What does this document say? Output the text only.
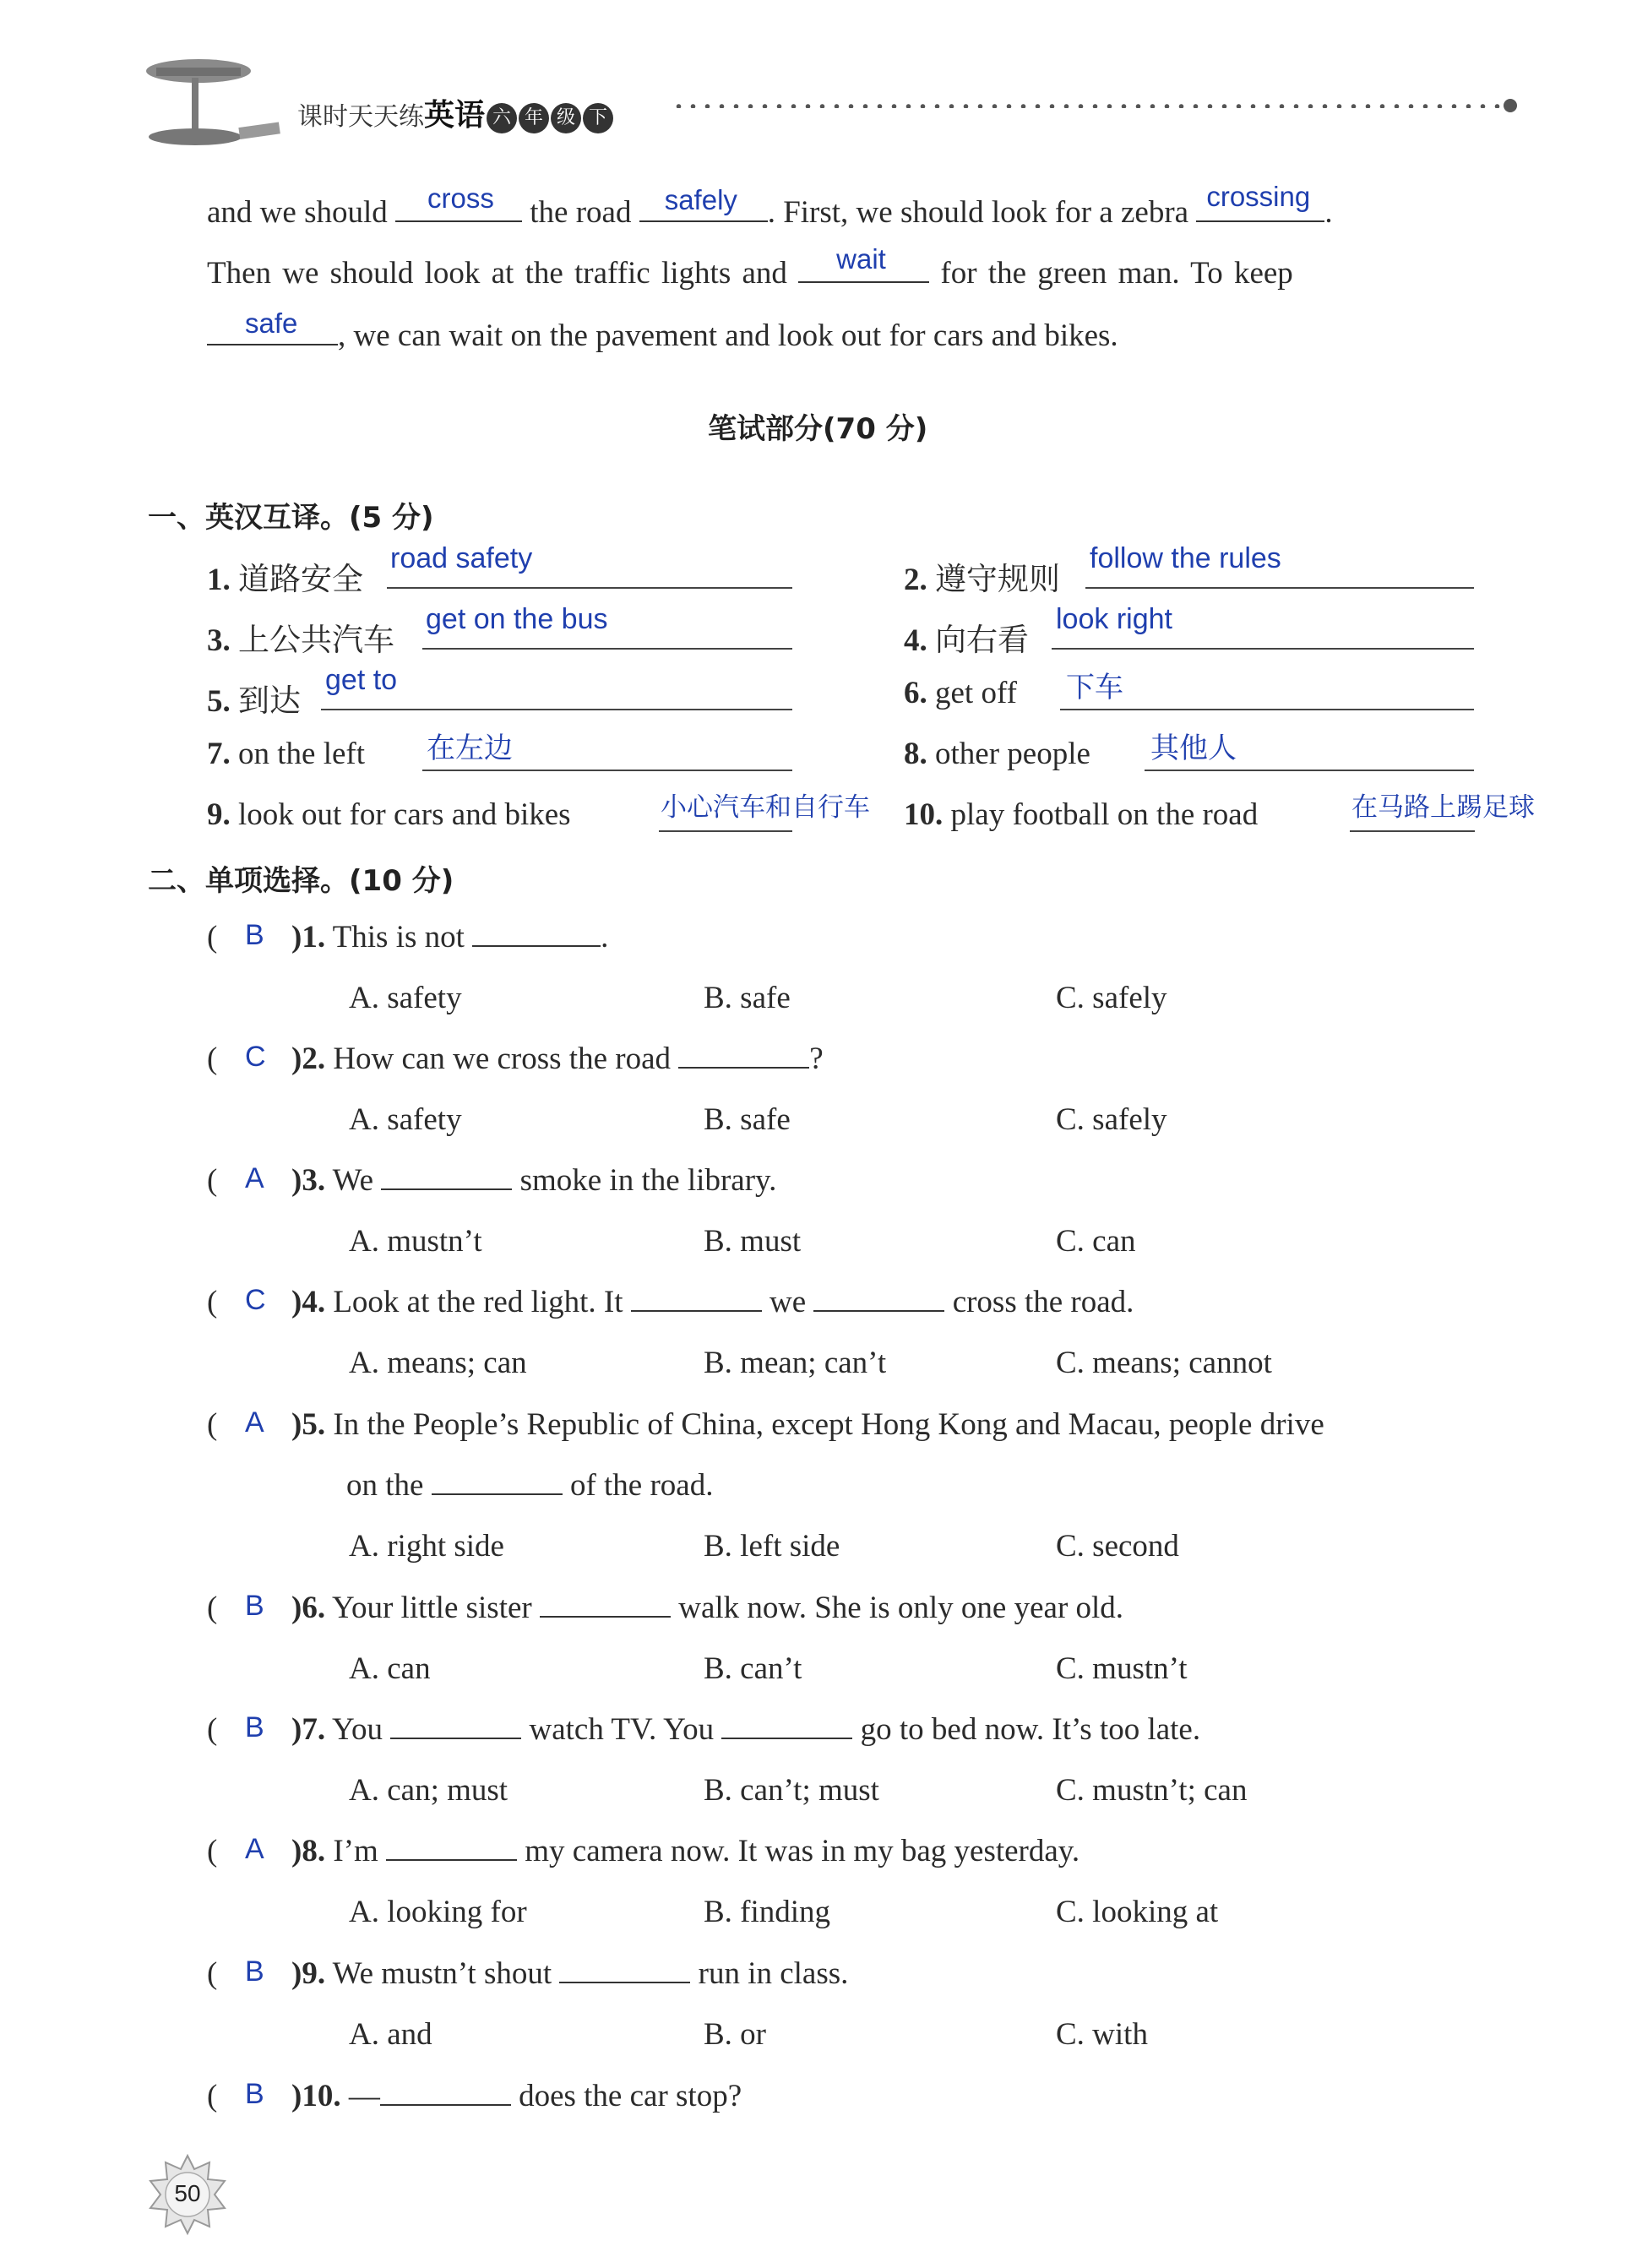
课时天天练英语 六 年 级 下
and we should cross the road safely . First, we should look for a zebra crossing .
Then we should look at the traffic lights and wait for the green man. To keep
safe , we can wait on the pavement and look out for cars and bikes.
笔试部分(70 分)
一、英汉互译。(5 分)
1. 道路安全
road safety
3. 上公共汽车
get on the bus
5. 到达
get to
7. on the left 在左边
9. look out for cars and bikes	小心汽车和自行车
2. 遵守规则
follow the rules
4. 向右看
look right
6. get off 下车
8. other people 其他人
10. play football on the road	在马路上踢足球
二、单项选择。(10 分)
( B )1. This is not	.
A. safety	B. safe	C. safely
( C )2. How can we cross the road	?
A. safety	B. safe	C. safely
( A )3. We	smoke in the library.
A. mustn’t	B. must	C. can
( C )4. Look at the red light. It	we	cross the road.
A. means; can	B. mean; can’t	C. means; cannot
( A )5. In the People’s Republic of China, except Hong Kong and Macau, people drive
on the	of the road.
A. right side	B. left side	C. second
( B )6. Your little sister	walk now. She is only one year old.
A. can	B. can’t	C. mustn’t
( B )7. You	watch TV. You	go to bed now. It’s too late.
A. can; must	B. can’t; must	C. mustn’t; can
( A )8. I’m	my camera now. It was in my bag yesterday.
A. looking for	B. finding	C. looking at
( B )9. We mustn’t shout	run in class.
A. and	B. or	C. with
( B )10. —	does the car stop?
50
